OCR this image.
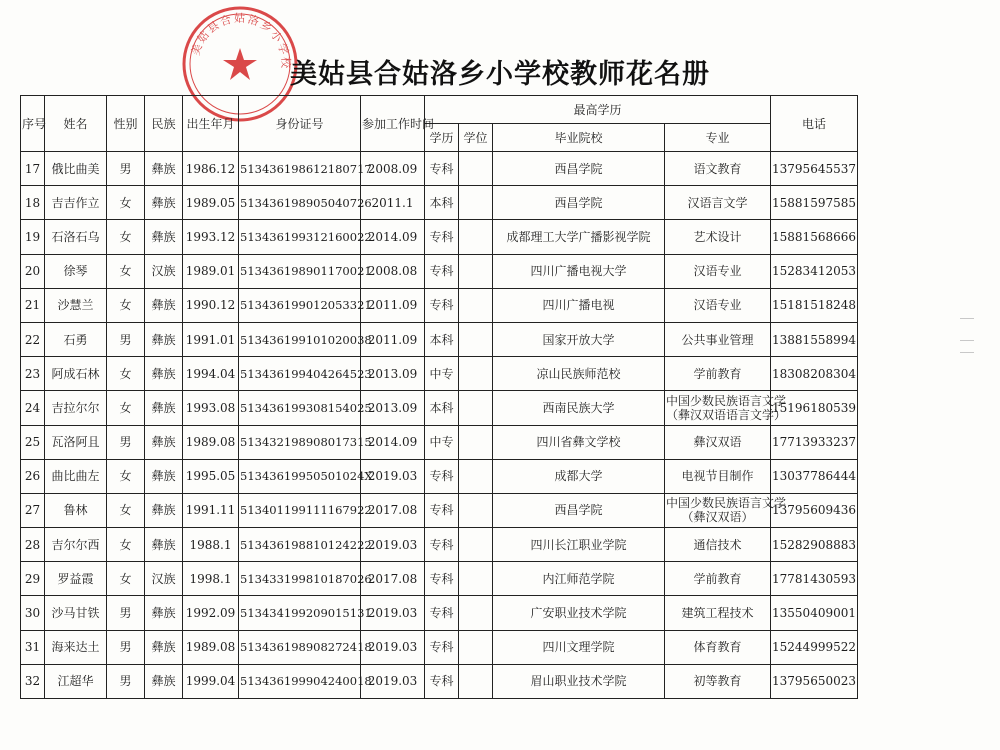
美姑县合姑洛乡小学校
美姑县合姑洛乡小学校教师花名册
序号	姓名	性别	民族	出生年月	身份证号	参加工作时间	最高学历				电话
							学历	学位	毕业院校	专业	
17	俄比曲美	男	彝族	1986.12	513436198612180717	2008.09	专科		西昌学院	语文教育	13795645537
18	吉吉作立	女	彝族	1989.05	513436198905040726	2011.1	本科		西昌学院	汉语言文学	15881597585
19	石洛石乌	女	彝族	1993.12	513436199312160022	2014.09	专科		成都理工大学广播影视学院	艺术设计	15881568666
20	徐琴	女	汉族	1989.01	513436198901170021	2008.08	专科		四川广播电视大学	汉语专业	15283412053
21	沙慧兰	女	彝族	1990.12	513436199012053321	2011.09	专科		四川广播电视	汉语专业	15181518248
22	石勇	男	彝族	1991.01	513436199101020038	2011.09	本科		国家开放大学	公共事业管理	13881558994
23	阿成石林	女	彝族	1994.04	513436199404264523	2013.09	中专		凉山民族师范校	学前教育	18308208304
24	吉拉尔尔	女	彝族	1993.08	513436199308154025	2013.09	本科		西南民族大学	中国少数民族语言文学
（彝汉双语语言文学）	15196180539
25	瓦洛阿且	男	彝族	1989.08	513432198908017315	2014.09	中专		四川省彝文学校	彝汉双语	17713933237
26	曲比曲左	女	彝族	1995.05	51343619950501024X	2019.03	专科		成都大学	电视节目制作	13037786444
27	鲁林	女	彝族	1991.11	513401199111167922	2017.08	专科		西昌学院	中国少数民族语言文学
（彝汉双语）	13795609436
28	吉尔尔西	女	彝族	1988.1	513436198810124222	2019.03	专科		四川长江职业学院	通信技术	15282908883
29	罗益霞	女	汉族	1998.1	513433199810187026	2017.08	专科		内江师范学院	学前教育	17781430593
30	沙马甘铁	男	彝族	1992.09	513434199209015131	2019.03	专科		广安职业技术学院	建筑工程技术	13550409001
31	海来达土	男	彝族	1989.08	513436198908272418	2019.03	专科		四川文理学院	体育教育	15244999522
32	江超华	男	彝族	1999.04	513436199904240018	2019.03	专科		眉山职业技术学院	初等教育	13795650023
